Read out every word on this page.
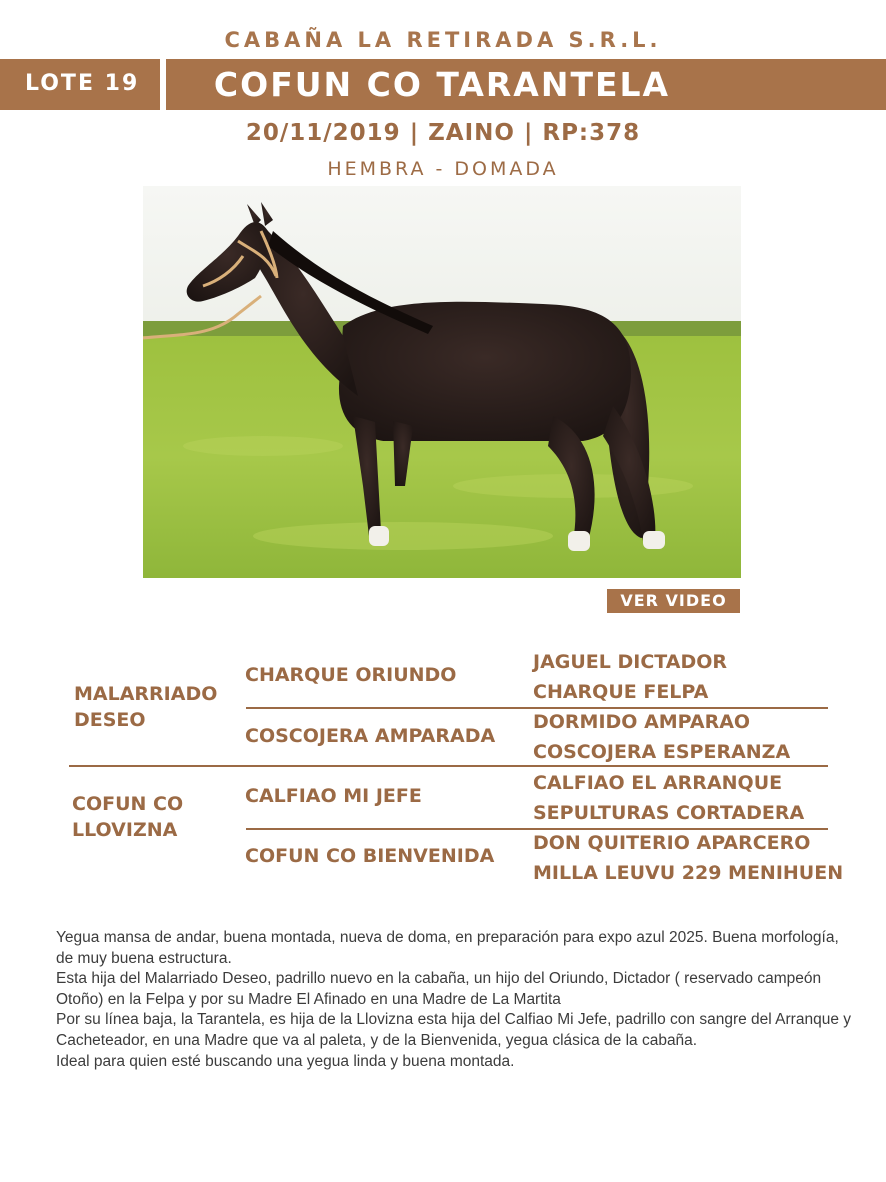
CABAÑA LA RETIRADA S.R.L.
LOTE 19	COFUN CO TARANTELA
20/11/2019 | ZAINO | RP:378
HEMBRA - DOMADA
VER VIDEO
MALARRIADO DESEO
COFUN CO LLOVIZNA
CHARQUE ORIUNDO
COSCOJERA AMPARADA
CALFIAO MI JEFE
COFUN CO BIENVENIDA
JAGUEL DICTADOR
CHARQUE FELPA
DORMIDO AMPARAO
COSCOJERA ESPERANZA
CALFIAO EL ARRANQUE
SEPULTURAS CORTADERA
DON QUITERIO APARCERO
MILLA LEUVU 229 MENIHUEN

Yegua mansa de andar, buena montada, nueva de doma, en preparación para expo azul 2025. Buena morfología, de muy buena estructura.

Esta hija del Malarriado Deseo, padrillo nuevo en la cabaña, un hijo del Oriundo, Dictador ( reservado campeón Otoño) en la Felpa y por su Madre El Afinado en una Madre de La Martita

Por su línea baja, la Tarantela, es hija de la Llovizna esta hija del Calfiao Mi Jefe, padrillo con sangre del Arranque y Cacheteador, en una Madre que va al paleta, y de la Bienvenida, yegua clásica de la cabaña.

Ideal para quien esté buscando una yegua linda y buena montada.
